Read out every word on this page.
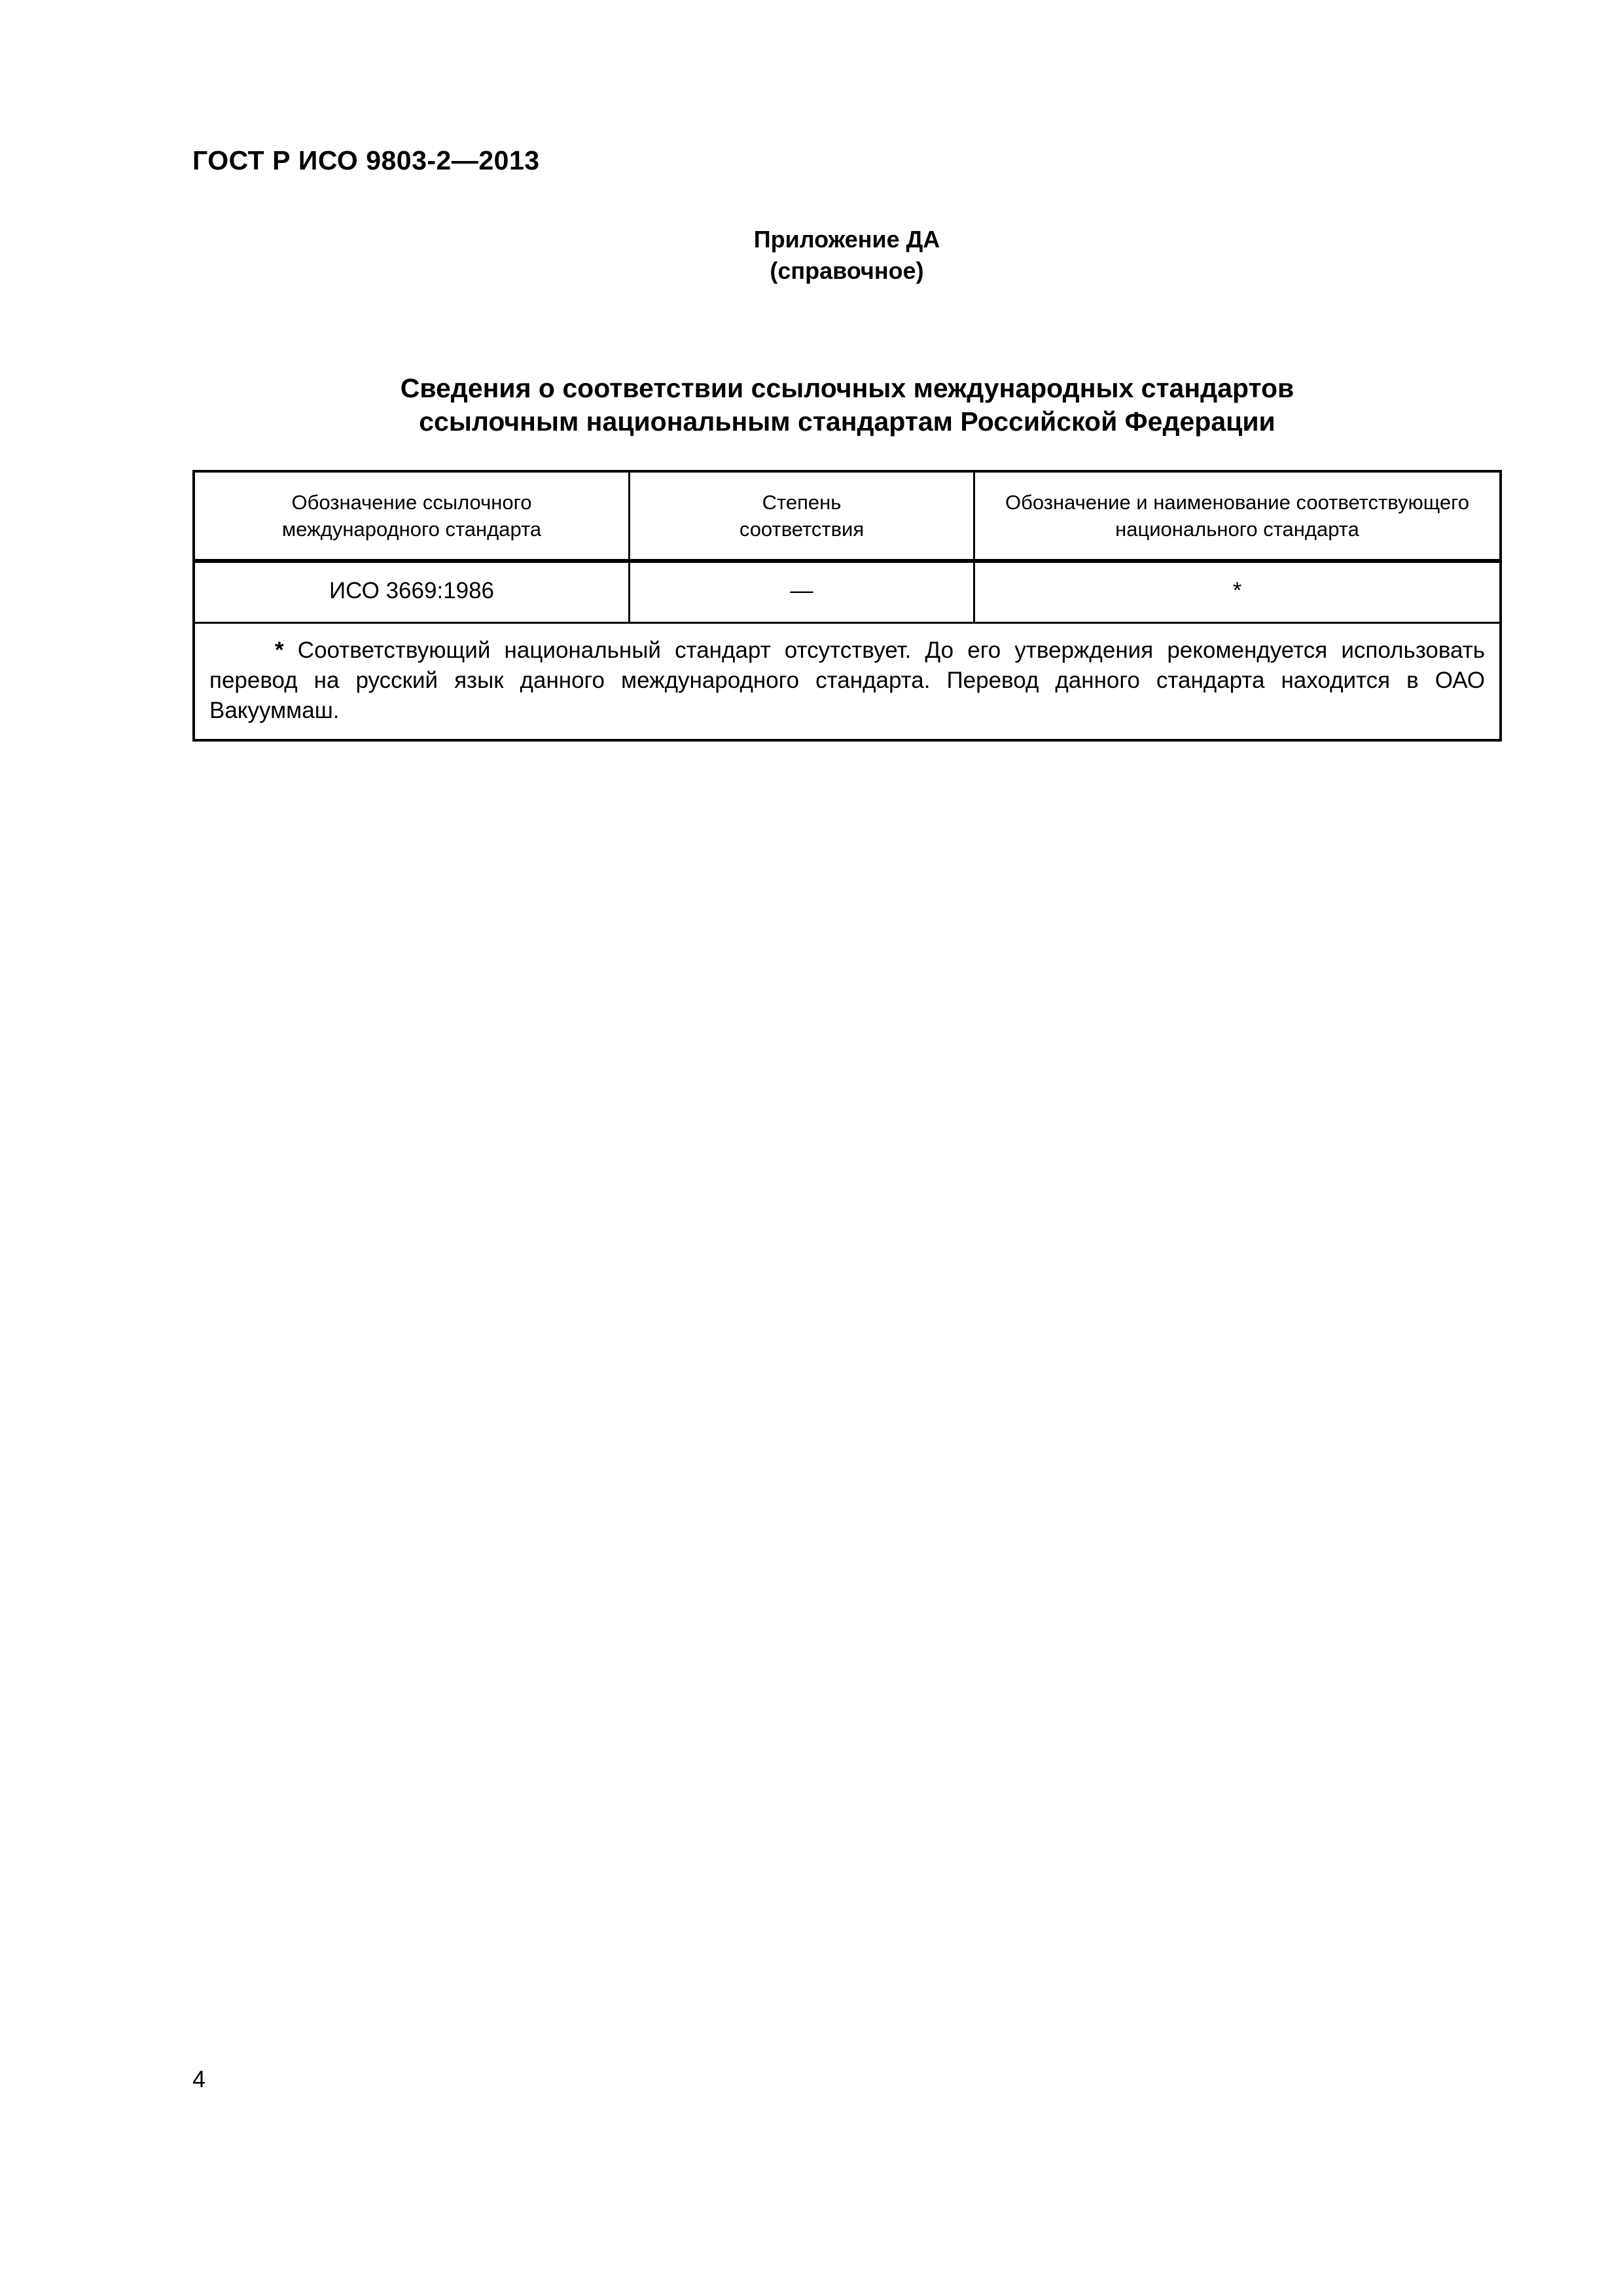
ГОСТ Р ИСО 9803-2—2013
Приложение ДА
(справочное)
Сведения о соответствии ссылочных международных стандартов
ссылочным национальным стандартам Российской Федерации
Обозначение ссылочного
международного стандарта
Степень
соответствия
Обозначение и наименование соответствующего
национального стандарта
ИСО 3669:1986	—	*
* Соответствующий национальный стандарт отсутствует. До его утверждения рекомендуется использовать перевод на русский язык данного международного стандарта. Перевод данного стандарта находится в ОАО Вакууммаш.
4
